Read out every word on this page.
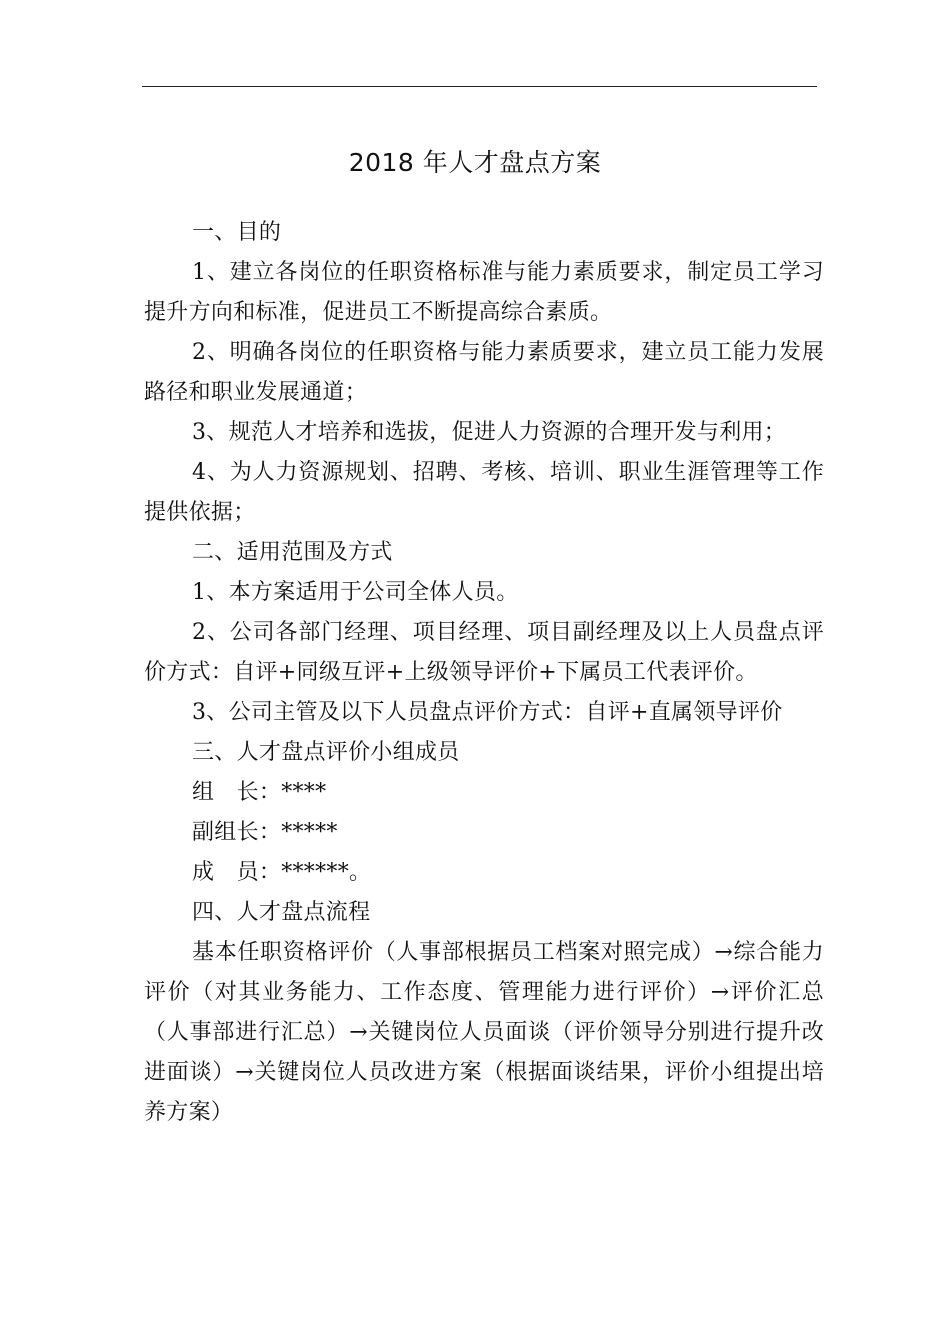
2018 年人才盘点方案

一、目的

1、建立各岗位的任职资格标准与能力素质要求，制定员工学习提升方向和标准，促进员工不断提高综合素质。

2、明确各岗位的任职资格与能力素质要求，建立员工能力发展路径和职业发展通道；

3、规范人才培养和选拔，促进人力资源的合理开发与利用；

4、为人力资源规划、招聘、考核、培训、职业生涯管理等工作提供依据；

二、适用范围及方式

1、本方案适用于公司全体人员。

2、公司各部门经理、项目经理、项目副经理及以上人员盘点评价方式：自评+同级互评+上级领导评价+下属员工代表评价。

3、公司主管及以下人员盘点评价方式：自评+直属领导评价

三、人才盘点评价小组成员

组　长：****

副组长：*****

成　员：******。

四、人才盘点流程

基本任职资格评价（人事部根据员工档案对照完成）→综合能力评价（对其业务能力、工作态度、管理能力进行评价）→评价汇总（人事部进行汇总）→关键岗位人员面谈（评价领导分别进行提升改进面谈）→关键岗位人员改进方案（根据面谈结果，评价小组提出培养方案）
